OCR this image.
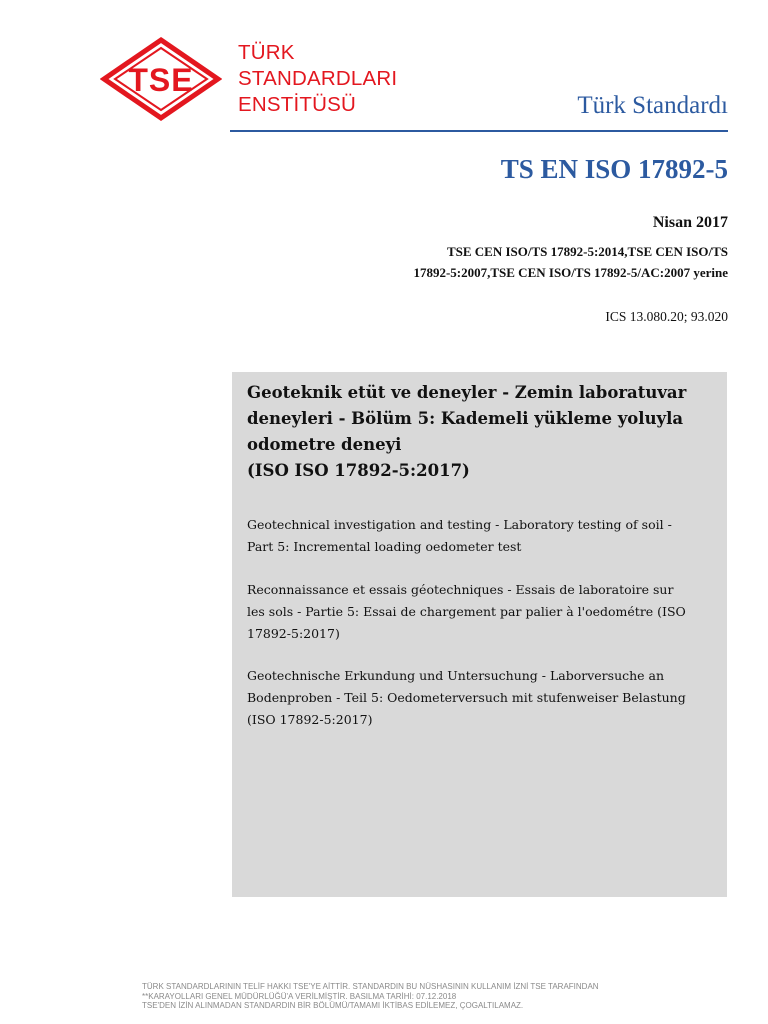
TSE
TÜRK
STANDARDLARI
ENSTİTÜSÜ	Türk Standardı
TS EN ISO 17892-5
Nisan 2017
TSE CEN ISO/TS 17892-5:2014,TSE CEN ISO/TS
17892-5:2007,TSE CEN ISO/TS 17892-5/AC:2007 yerine
ICS 13.080.20; 93.020
Geoteknik etüt ve deneyler - Zemin laboratuvar
deneyleri - Bölüm 5: Kademeli yükleme yoluyla
odometre deneyi
(ISO ISO 17892-5:2017)
Geotechnical investigation and testing - Laboratory testing of soil -
Part 5: Incremental loading oedometer test
Reconnaissance et essais géotechniques - Essais de laboratoire sur
les sols - Partie 5: Essai de chargement par palier à l'oedométre (ISO
17892-5:2017)
Geotechnische Erkundung und Untersuchung - Laborversuche an
Bodenproben - Teil 5: Oedometerversuch mit stufenweiser Belastung
(ISO 17892-5:2017)
TÜRK STANDARDLARININ TELİF HAKKI TSE'YE AİTTİR. STANDARDIN BU NÜSHASININ KULLANIM İZNİ TSE TARAFINDAN
**KARAYOLLARI GENEL MÜDÜRLÜĞÜ'A VERİLMİŞTİR. BASILMA TARİHİ: 07.12.2018
TSE'DEN İZİN ALINMADAN STANDARDIN BİR BÖLÜMÜ/TAMAMI İKTİBAS EDİLEMEZ, ÇOGALTILAMAZ.
